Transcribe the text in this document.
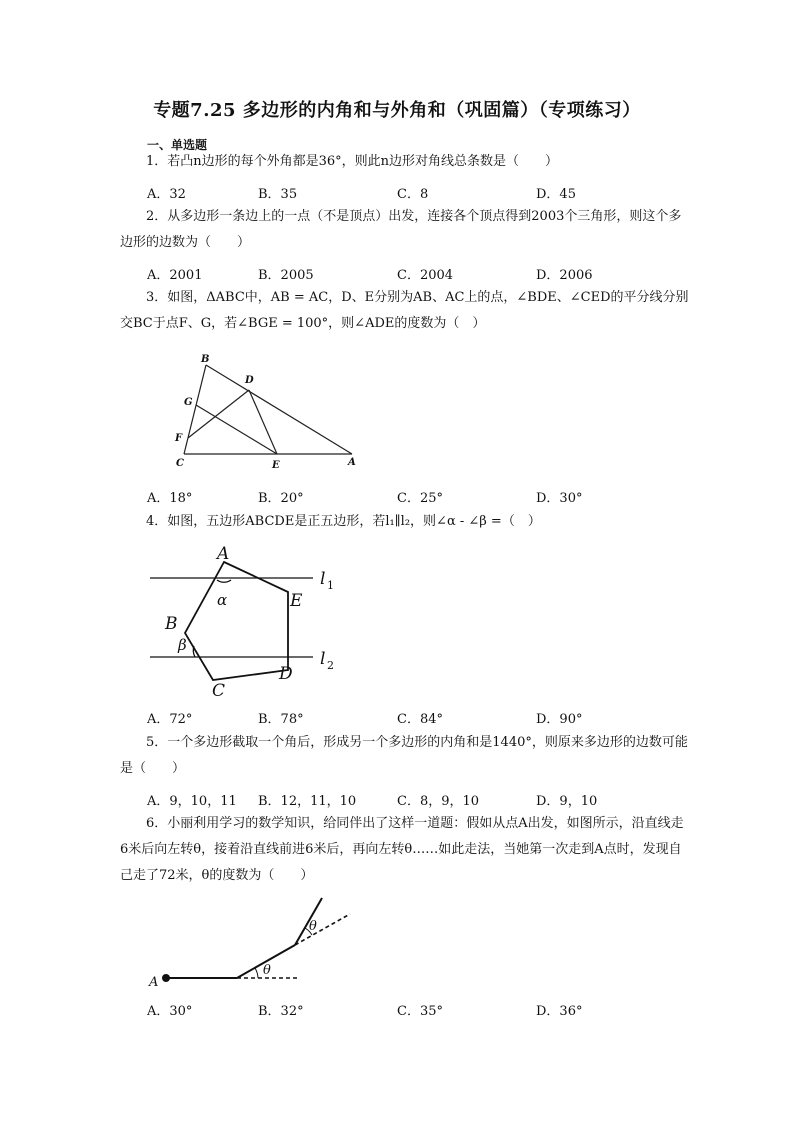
专题7.25 多边形的内角和与外角和（巩固篇）（专项练习）
一、单选题
1．若凸n边形的每个外角都是36°，则此n边形对角线总条数是（　　）
A．32	B．35	C．8	D．45
2．从多边形一条边上的一点（不是顶点）出发，连接各个顶点得到2003个三角形，则这个多边形的边数为（　　）
A．2001	B．2005	C．2004	D．2006
3．如图，ΔABC中，AB = AC，D、E分别为AB、AC上的点，∠BDE、∠CED的平分线分别交BC于点F、G，若∠BGE = 100°，则∠ADE的度数为（　）
B
D
G
F
C	E	A
A．18°	B．20°	C．25°	D．30°
4．如图，五边形ABCDE是正五边形，若l₁∥l₂，则∠α - ∠β =（　）
A
B
C
D
E
α
β
l 1
l 2
A．72°	B．78°	C．84°	D．90°
5．一个多边形截取一个角后，形成另一个多边形的内角和是1440°，则原来多边形的边数可能是（　　）
A．9，10，11 B．12，11，10	C．8，9，10	D．9，10
6．小丽利用学习的数学知识，给同伴出了这样一道题：假如从点A出发，如图所示，沿直线走6米后向左转θ，接着沿直线前进6米后，再向左转θ……如此走法，当她第一次走到A点时，发现自己走了72米，θ的度数为（　　）
A
θ
θ
A．30°	B．32°	C．35°	D．36°
